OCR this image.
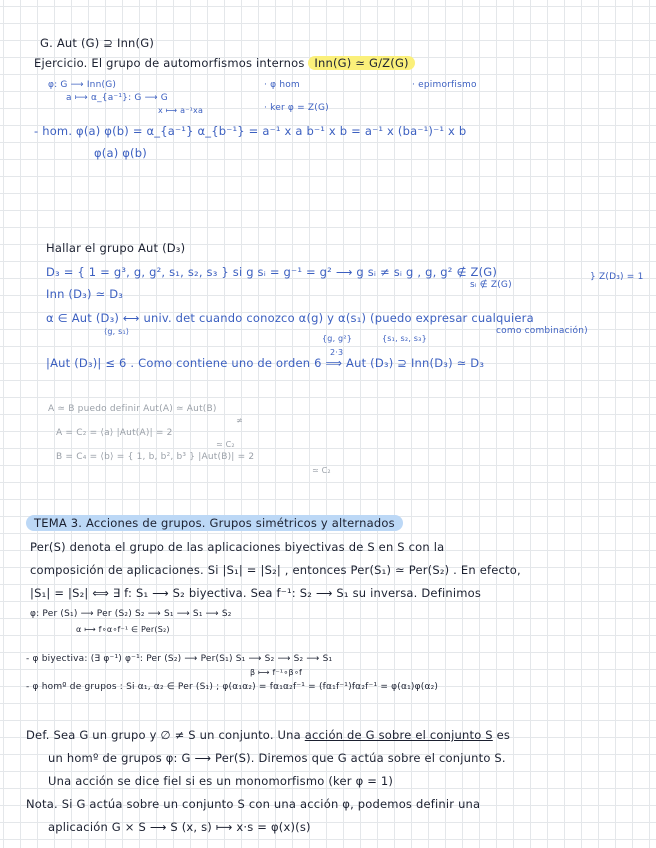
G. Aut (G) ⊇ Inn(G)
Ejercicio. El grupo de automorfismos internos Inn(G) ≃ G/Z(G)
φ: G ⟶ Inn(G)	· φ hom	· epimorfismo
a ⟼ α_{a⁻¹}: G ⟶ G
· ker φ = Z(G)
x ⟼ a⁻¹xa
- hom. φ(a) φ(b) = α_{a⁻¹} α_{b⁻¹} = a⁻¹ x a b⁻¹ x b = a⁻¹ x (ba⁻¹)⁻¹ x b
φ(a) φ(b)
Hallar el grupo Aut (D₃)
D₃ = { 1 = g³, g, g², s₁, s₂, s₃ } si g sᵢ = g⁻¹ = g² ⟶ g sᵢ ≠ sᵢ g , g, g² ∉ Z(G)	} Z(D₃) = 1
sᵢ ∉ Z(G)
Inn (D₃) ≃ D₃
α ∈ Aut (D₃) ⟷ univ. det cuando conozco α(g) y α(s₁) (puedo expresar cualquiera
⟨g, s₁⟩
{g, g²}	{s₁, s₂, s₃}
como combinación)
|Aut (D₃)| ≤ 6 . Como contiene uno de orden 6 ⟹ Aut (D₃) ⊇ Inn(D₃) ≃ D₃
2·3
A ≃ B puedo definir Aut(A) ≃ Aut(B)
≄
A = C₂ = ⟨a⟩ |Aut(A)| = 2
≃ C₂
B = C₄ = ⟨b⟩ = { 1, b, b², b³ } |Aut(B)| = 2
≃ C₂
TEMA 3. Acciones de grupos. Grupos simétricos y alternados
Per(S) denota el grupo de las aplicaciones biyectivas de S en S con la
composición de aplicaciones. Si |S₁| = |S₂| , entonces Per(S₁) ≃ Per(S₂) . En efecto,
|S₁| = |S₂| ⟺ ∃ f: S₁ ⟶ S₂ biyectiva. Sea f⁻¹: S₂ ⟶ S₁ su inversa. Definimos
φ: Per (S₁) ⟶ Per (S₂) S₂ ⟶ S₁ ⟶ S₁ ⟶ S₂
α ⟼ f∘α∘f⁻¹ ∈ Per(S₂)
- φ biyectiva: (∃ φ⁻¹) φ⁻¹: Per (S₂) ⟶ Per(S₁) S₁ ⟶ S₂ ⟶ S₂ ⟶ S₁
β ⟼ f⁻¹∘β∘f
- φ homº de grupos : Si α₁, α₂ ∈ Per (S₁) ; φ(α₁α₂) = fα₁α₂f⁻¹ = (fα₁f⁻¹)fα₂f⁻¹ = φ(α₁)φ(α₂)
Def. Sea G un grupo y ∅ ≠ S un conjunto. Una acción de G sobre el conjunto S es
un homº de grupos φ: G ⟶ Per(S). Diremos que G actúa sobre el conjunto S.
Una acción se dice fiel si es un monomorfismo (ker φ = 1)
Nota. Si G actúa sobre un conjunto S con una acción φ, podemos definir una
aplicación G × S ⟶ S (x, s) ⟼ x·s = φ(x)(s)
